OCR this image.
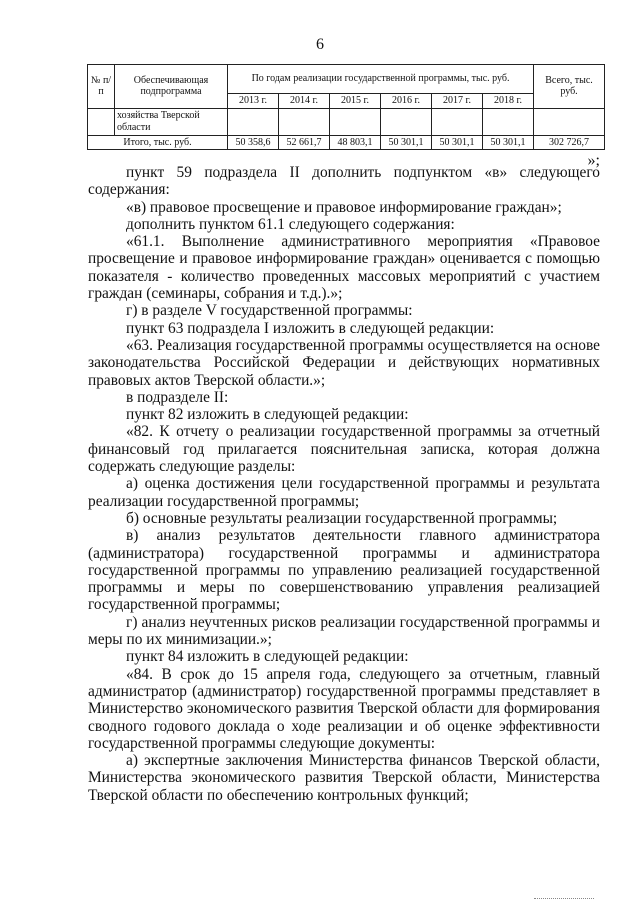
6
№ п/п	Обеспечивающая подпрограмма	По годам реализации государственной программы, тыс. руб.						Всего, тыс. руб.
		2013 г.	2014 г.	2015 г.	2016 г.	2017 г.	2018 г.	
	хозяйства Тверской области							
Итого, тыс. руб.		50 358,6	52 661,7	48 803,1	50 301,1	50 301,1	50 301,1	302 726,7
»;

пункт 59 подраздела II дополнить подпунктом «в» следующего содержания:

«в) правовое просвещение и правовое информирование граждан»;

дополнить пунктом 61.1 следующего содержания:

«61.1. Выполнение административного мероприятия «Правовое просвещение и правовое информирование граждан» оценивается с помощью показателя - количество проведенных массовых мероприятий с участием граждан (семинары, собрания и т.д.).»;

г) в разделе V государственной программы:

пункт 63 подраздела I изложить в следующей редакции:

«63. Реализация государственной программы осуществляется на основе законодательства Российской Федерации и действующих нормативных правовых актов Тверской области.»;

в подразделе II:

пункт 82 изложить в следующей редакции:

«82. К отчету о реализации государственной программы за отчетный финансовый год прилагается пояснительная записка, которая должна содержать следующие разделы:

а) оценка достижения цели государственной программы и результата реализации государственной программы;

б) основные результаты реализации государственной программы;

в) анализ результатов деятельности главного администратора (администратора) государственной программы и администратора государственной программы по управлению реализацией государственной программы и меры по совершенствованию управления реализацией государственной программы;

г) анализ неучтенных рисков реализации государственной программы и меры по их минимизации.»;

пункт 84 изложить в следующей редакции:

«84. В срок до 15 апреля года, следующего за отчетным, главный администратор (администратор) государственной программы представляет в Министерство экономического развития Тверской области для формирования сводного годового доклада о ходе реализации и об оценке эффективности государственной программы следующие документы:

а) экспертные заключения Министерства финансов Тверской области, Министерства экономического развития Тверской области, Министерства Тверской области по обеспечению контрольных функций;
